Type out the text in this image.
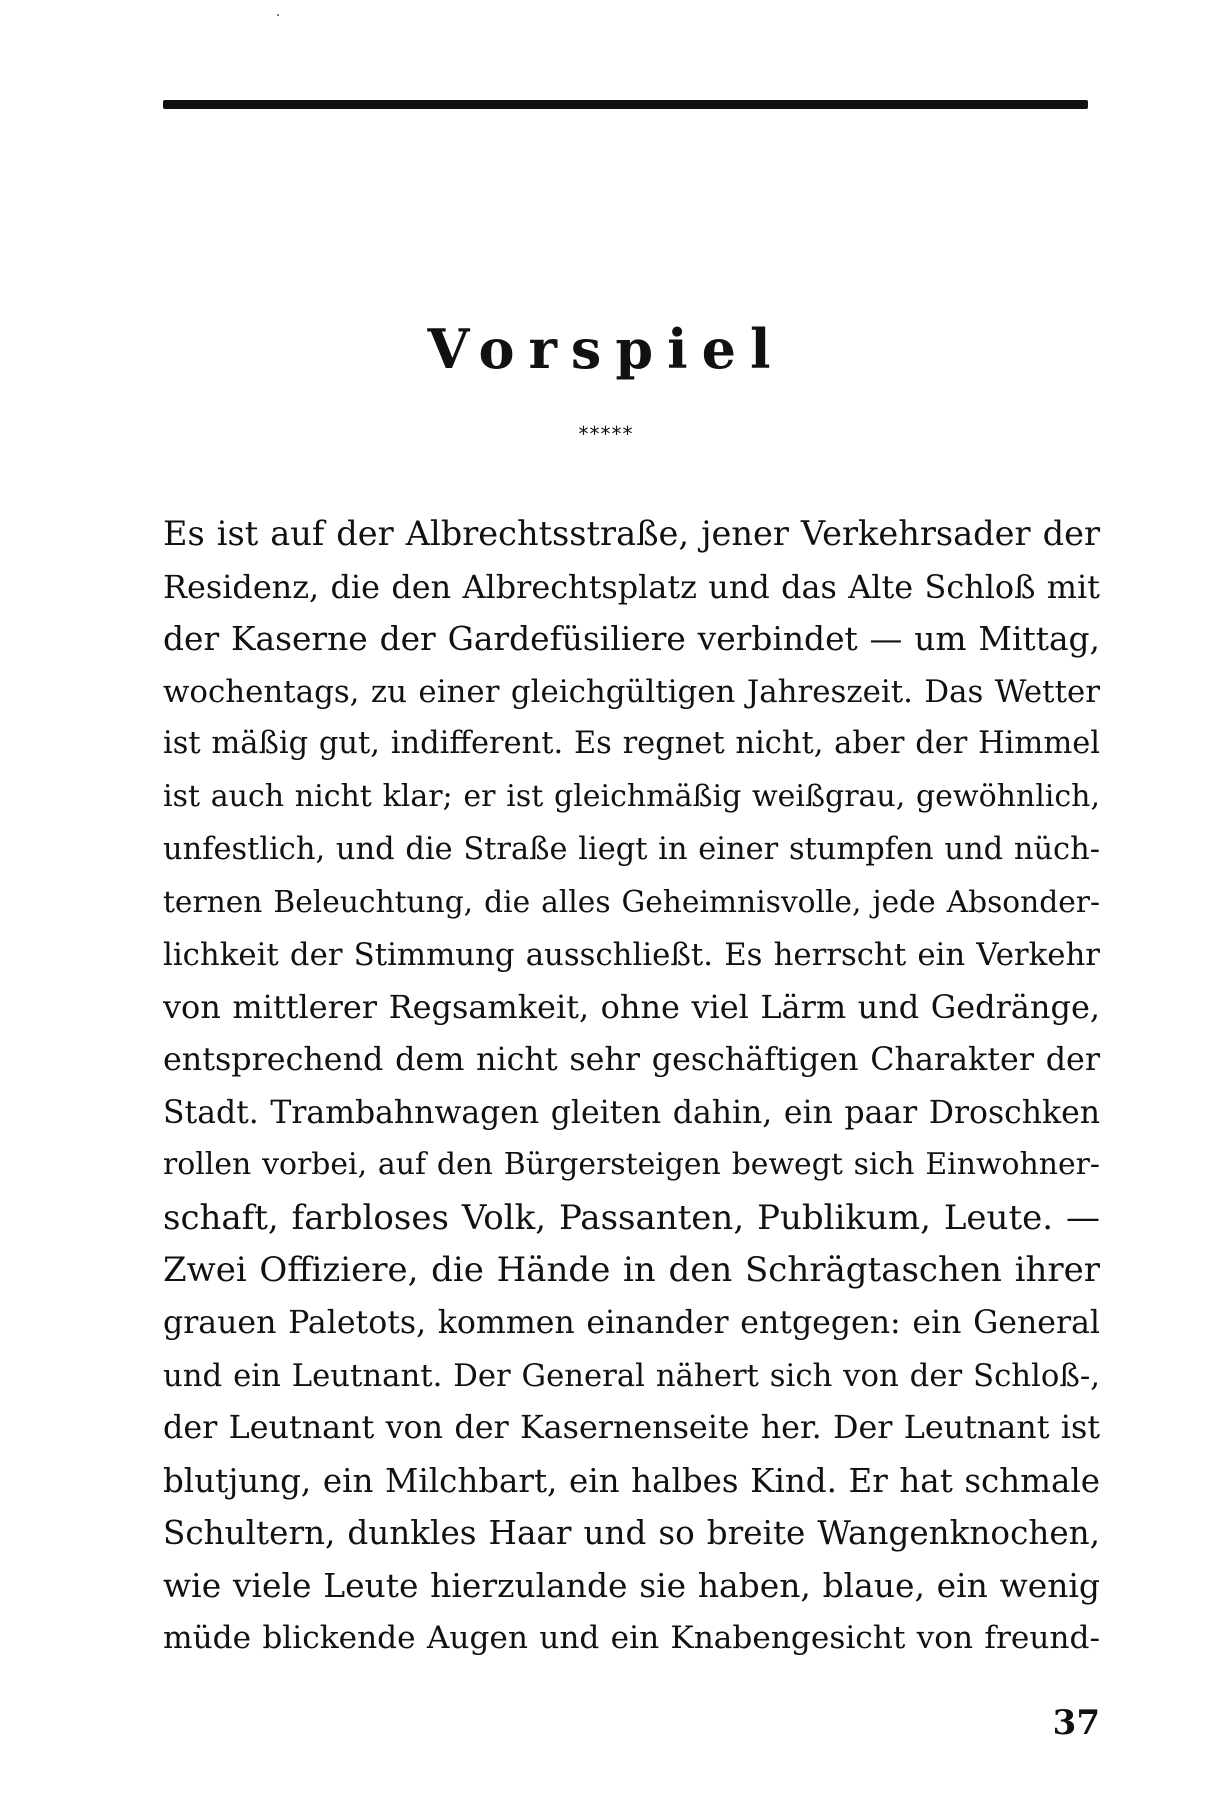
Vorspiel
*****
Es ist auf der Albrechtsstraße, jener Verkehrsader der
Residenz, die den Albrechtsplatz und das Alte Schloß mit
der Kaserne der Gardefüsiliere verbindet — um Mittag,
wochentags, zu einer gleichgültigen Jahreszeit. Das Wetter
ist mäßig gut, indifferent. Es regnet nicht, aber der Himmel
ist auch nicht klar; er ist gleichmäßig weißgrau, gewöhnlich,
unfestlich, und die Straße liegt in einer stumpfen und nüch-
ternen Beleuchtung, die alles Geheimnisvolle, jede Absonder-
lichkeit der Stimmung ausschließt. Es herrscht ein Verkehr
von mittlerer Regsamkeit, ohne viel Lärm und Gedränge,
entsprechend dem nicht sehr geschäftigen Charakter der
Stadt. Trambahnwagen gleiten dahin, ein paar Droschken
rollen vorbei, auf den Bürgersteigen bewegt sich Einwohner-
schaft, farbloses Volk, Passanten, Publikum, Leute. —
Zwei Offiziere, die Hände in den Schrägtaschen ihrer
grauen Paletots, kommen einander entgegen: ein General
und ein Leutnant. Der General nähert sich von der Schloß-,
der Leutnant von der Kasernenseite her. Der Leutnant ist
blutjung, ein Milchbart, ein halbes Kind. Er hat schmale
Schultern, dunkles Haar und so breite Wangenknochen,
wie viele Leute hierzulande sie haben, blaue, ein wenig
müde blickende Augen und ein Knabengesicht von freund-
37
